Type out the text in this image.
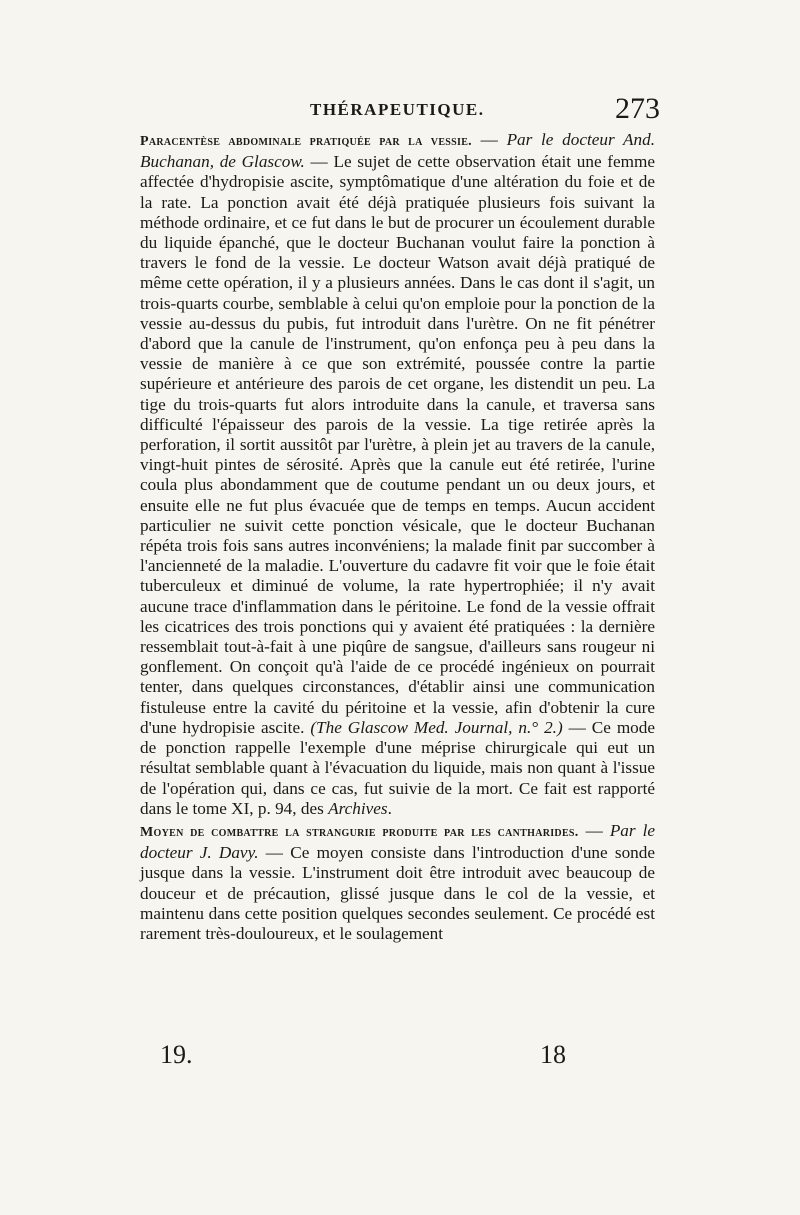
THÉRAPEUTIQUE.	273

Paracentèse abdominale pratiquée par la vessie. — Par le docteur And. Buchanan, de Glascow. — Le sujet de cette observation était une femme affectée d'hydropisie ascite, symptômatique d'une altération du foie et de la rate. La ponction avait été déjà pratiquée plusieurs fois suivant la méthode ordinaire, et ce fut dans le but de procurer un écoulement durable du liquide épanché, que le docteur Buchanan voulut faire la ponction à travers le fond de la vessie. Le docteur Watson avait déjà pratiqué de même cette opération, il y a plusieurs années. Dans le cas dont il s'agit, un trois-quarts courbe, semblable à celui qu'on emploie pour la ponction de la vessie au-dessus du pubis, fut introduit dans l'urètre. On ne fit pénétrer d'abord que la canule de l'instrument, qu'on enfonça peu à peu dans la vessie de manière à ce que son extrémité, poussée contre la partie supérieure et antérieure des parois de cet organe, les distendit un peu. La tige du trois-quarts fut alors introduite dans la canule, et traversa sans difficulté l'épaisseur des parois de la vessie. La tige retirée après la perforation, il sortit aussitôt par l'urètre, à plein jet au travers de la canule, vingt-huit pintes de sérosité. Après que la canule eut été retirée, l'urine coula plus abondamment que de coutume pendant un ou deux jours, et ensuite elle ne fut plus évacuée que de temps en temps. Aucun accident particulier ne suivit cette ponction vésicale, que le docteur Buchanan répéta trois fois sans autres inconvéniens; la malade finit par succomber à l'ancienneté de la maladie. L'ouverture du cadavre fit voir que le foie était tuberculeux et diminué de volume, la rate hypertrophiée; il n'y avait aucune trace d'inflammation dans le péritoine. Le fond de la vessie offrait les cicatrices des trois ponctions qui y avaient été pratiquées : la dernière ressemblait tout-à-fait à une piqûre de sangsue, d'ailleurs sans rougeur ni gonflement. On conçoit qu'à l'aide de ce procédé ingénieux on pourrait tenter, dans quelques circonstances, d'établir ainsi une communication fistuleuse entre la cavité du péritoine et la vessie, afin d'obtenir la cure d'une hydropisie ascite. (The Glascow Med. Journal, n.° 2.) — Ce mode de ponction rappelle l'exemple d'une méprise chirurgicale qui eut un résultat semblable quant à l'évacuation du liquide, mais non quant à l'issue de l'opération qui, dans ce cas, fut suivie de la mort. Ce fait est rapporté dans le tome XI, p. 94, des Archives.

Moyen de combattre la strangurie produite par les cantharides. — Par le docteur J. Davy. — Ce moyen consiste dans l'introduction d'une sonde jusque dans la vessie. L'instrument doit être introduit avec beaucoup de douceur et de précaution, glissé jusque dans le col de la vessie, et maintenu dans cette position quelques secondes seulement. Ce procédé est rarement très-douloureux, et le soulagement

19.	18
